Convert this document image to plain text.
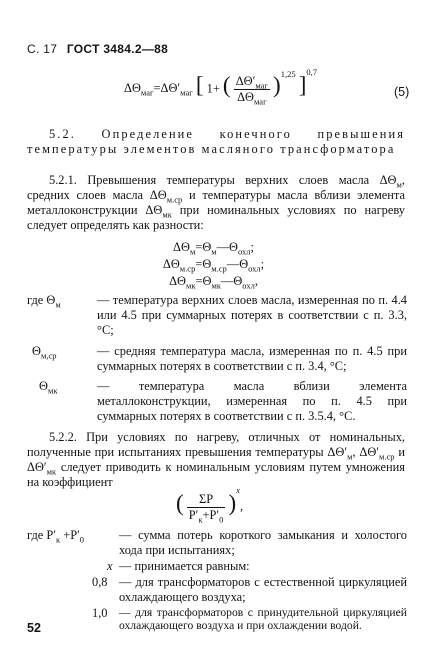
С. 17 ГОСТ 3484.2—88
$\Delta\Theta_{маг}=\Delta\Theta'_{маг}$ [ 1+ ( $\frac{\Delta\Theta'_{маг}}{\Delta\Theta_{маг}} )^{1,25}$ ]$^{0,7}$
(5)
5.2. Определение конечного превышения температуры элементов масляного трансформатора
5.2.1. Превышения температуры верхних слоев масла $\Delta\Theta_м$, средних слоев масла $\Delta\Theta_{м.ср}$ и температуры масла вблизи элемента металлоконструкции $\Delta\Theta_{мк}$ при номинальных условиях по нагреву следует определять как разности:
$\Delta\Theta_м=\Theta_м—\Theta_{охл}$;
$\Delta\Theta_{м.ср}=\Theta_{м.ср}—\Theta_{охл}$;
$\Delta\Theta_{мк}=\Theta_{мк}—\Theta_{охл}$,
где $\Theta_м$	— температура верхних слоев масла, измеренная по п. 4.4 или 4.5 при суммарных потерях в соответствии с п. 3.3, °С;
$\Theta_{м,ср}$	— средняя температура масла, измеренная по п. 4.5 при суммарных потерях в соответствии с п. 3.4, °С;
$\Theta_{мк}$	— температура масла вблизи элемента металлоконструкции, измеренная по п. 4.5 при суммарных потерях в соответствии с п. 3.5.4, °С.
5.2.2. При условиях по нагреву, отличных от номинальных, полученные при испытаниях превышения температуры $\Delta\Theta'_м$, $\Delta\Theta'_{м.ср}$ и $\Delta\Theta'_{мк}$ следует приводить к номинальным условиям путем умножения на коэффициент
( $\frac{\Sigma P}{P'_к+P'_0} )^x$,
где $P'_к +P'_0$	— сумма потерь короткого замыкания и холостого хода при испытаниях;
x — принимается равным:
0,8 — для трансформаторов с естественной циркуляцией охлаждающего воздуха;
1,0 — для трансформаторов с принудительной циркуляцией охлаждающего воздуха и при охлаждении водой.
52
